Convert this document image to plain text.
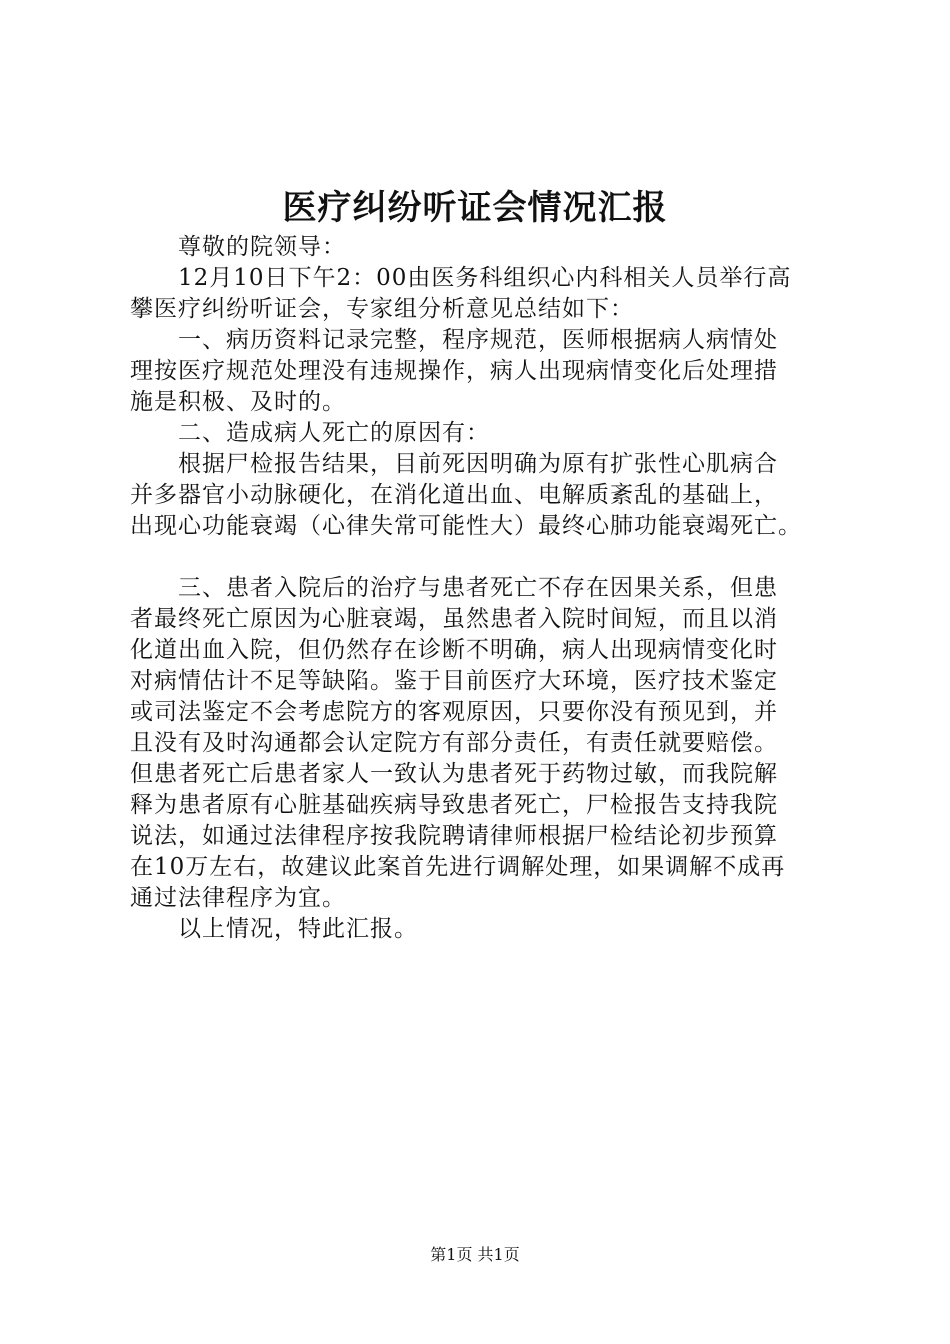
医疗纠纷听证会情况汇报
　　尊敬的院领导：
　　12月10日下午2：00由医务科组织心内科相关人员举行高
攀医疗纠纷听证会，专家组分析意见总结如下：
　　一、病历资料记录完整，程序规范，医师根据病人病情处
理按医疗规范处理没有违规操作，病人出现病情变化后处理措
施是积极、及时的。
　　二、造成病人死亡的原因有：
　　根据尸检报告结果，目前死因明确为原有扩张性心肌病合
并多器官小动脉硬化，在消化道出血、电解质紊乱的基础上，
出现心功能衰竭（心律失常可能性大）最终心肺功能衰竭死亡。
　　三、患者入院后的治疗与患者死亡不存在因果关系，但患
者最终死亡原因为心脏衰竭，虽然患者入院时间短，而且以消
化道出血入院，但仍然存在诊断不明确，病人出现病情变化时
对病情估计不足等缺陷。鉴于目前医疗大环境，医疗技术鉴定
或司法鉴定不会考虑院方的客观原因，只要你没有预见到，并
且没有及时沟通都会认定院方有部分责任，有责任就要赔偿。
但患者死亡后患者家人一致认为患者死于药物过敏，而我院解
释为患者原有心脏基础疾病导致患者死亡，尸检报告支持我院
说法，如通过法律程序按我院聘请律师根据尸检结论初步预算
在10万左右，故建议此案首先进行调解处理，如果调解不成再
通过法律程序为宜。
　　以上情况，特此汇报。
第1页 共1页
